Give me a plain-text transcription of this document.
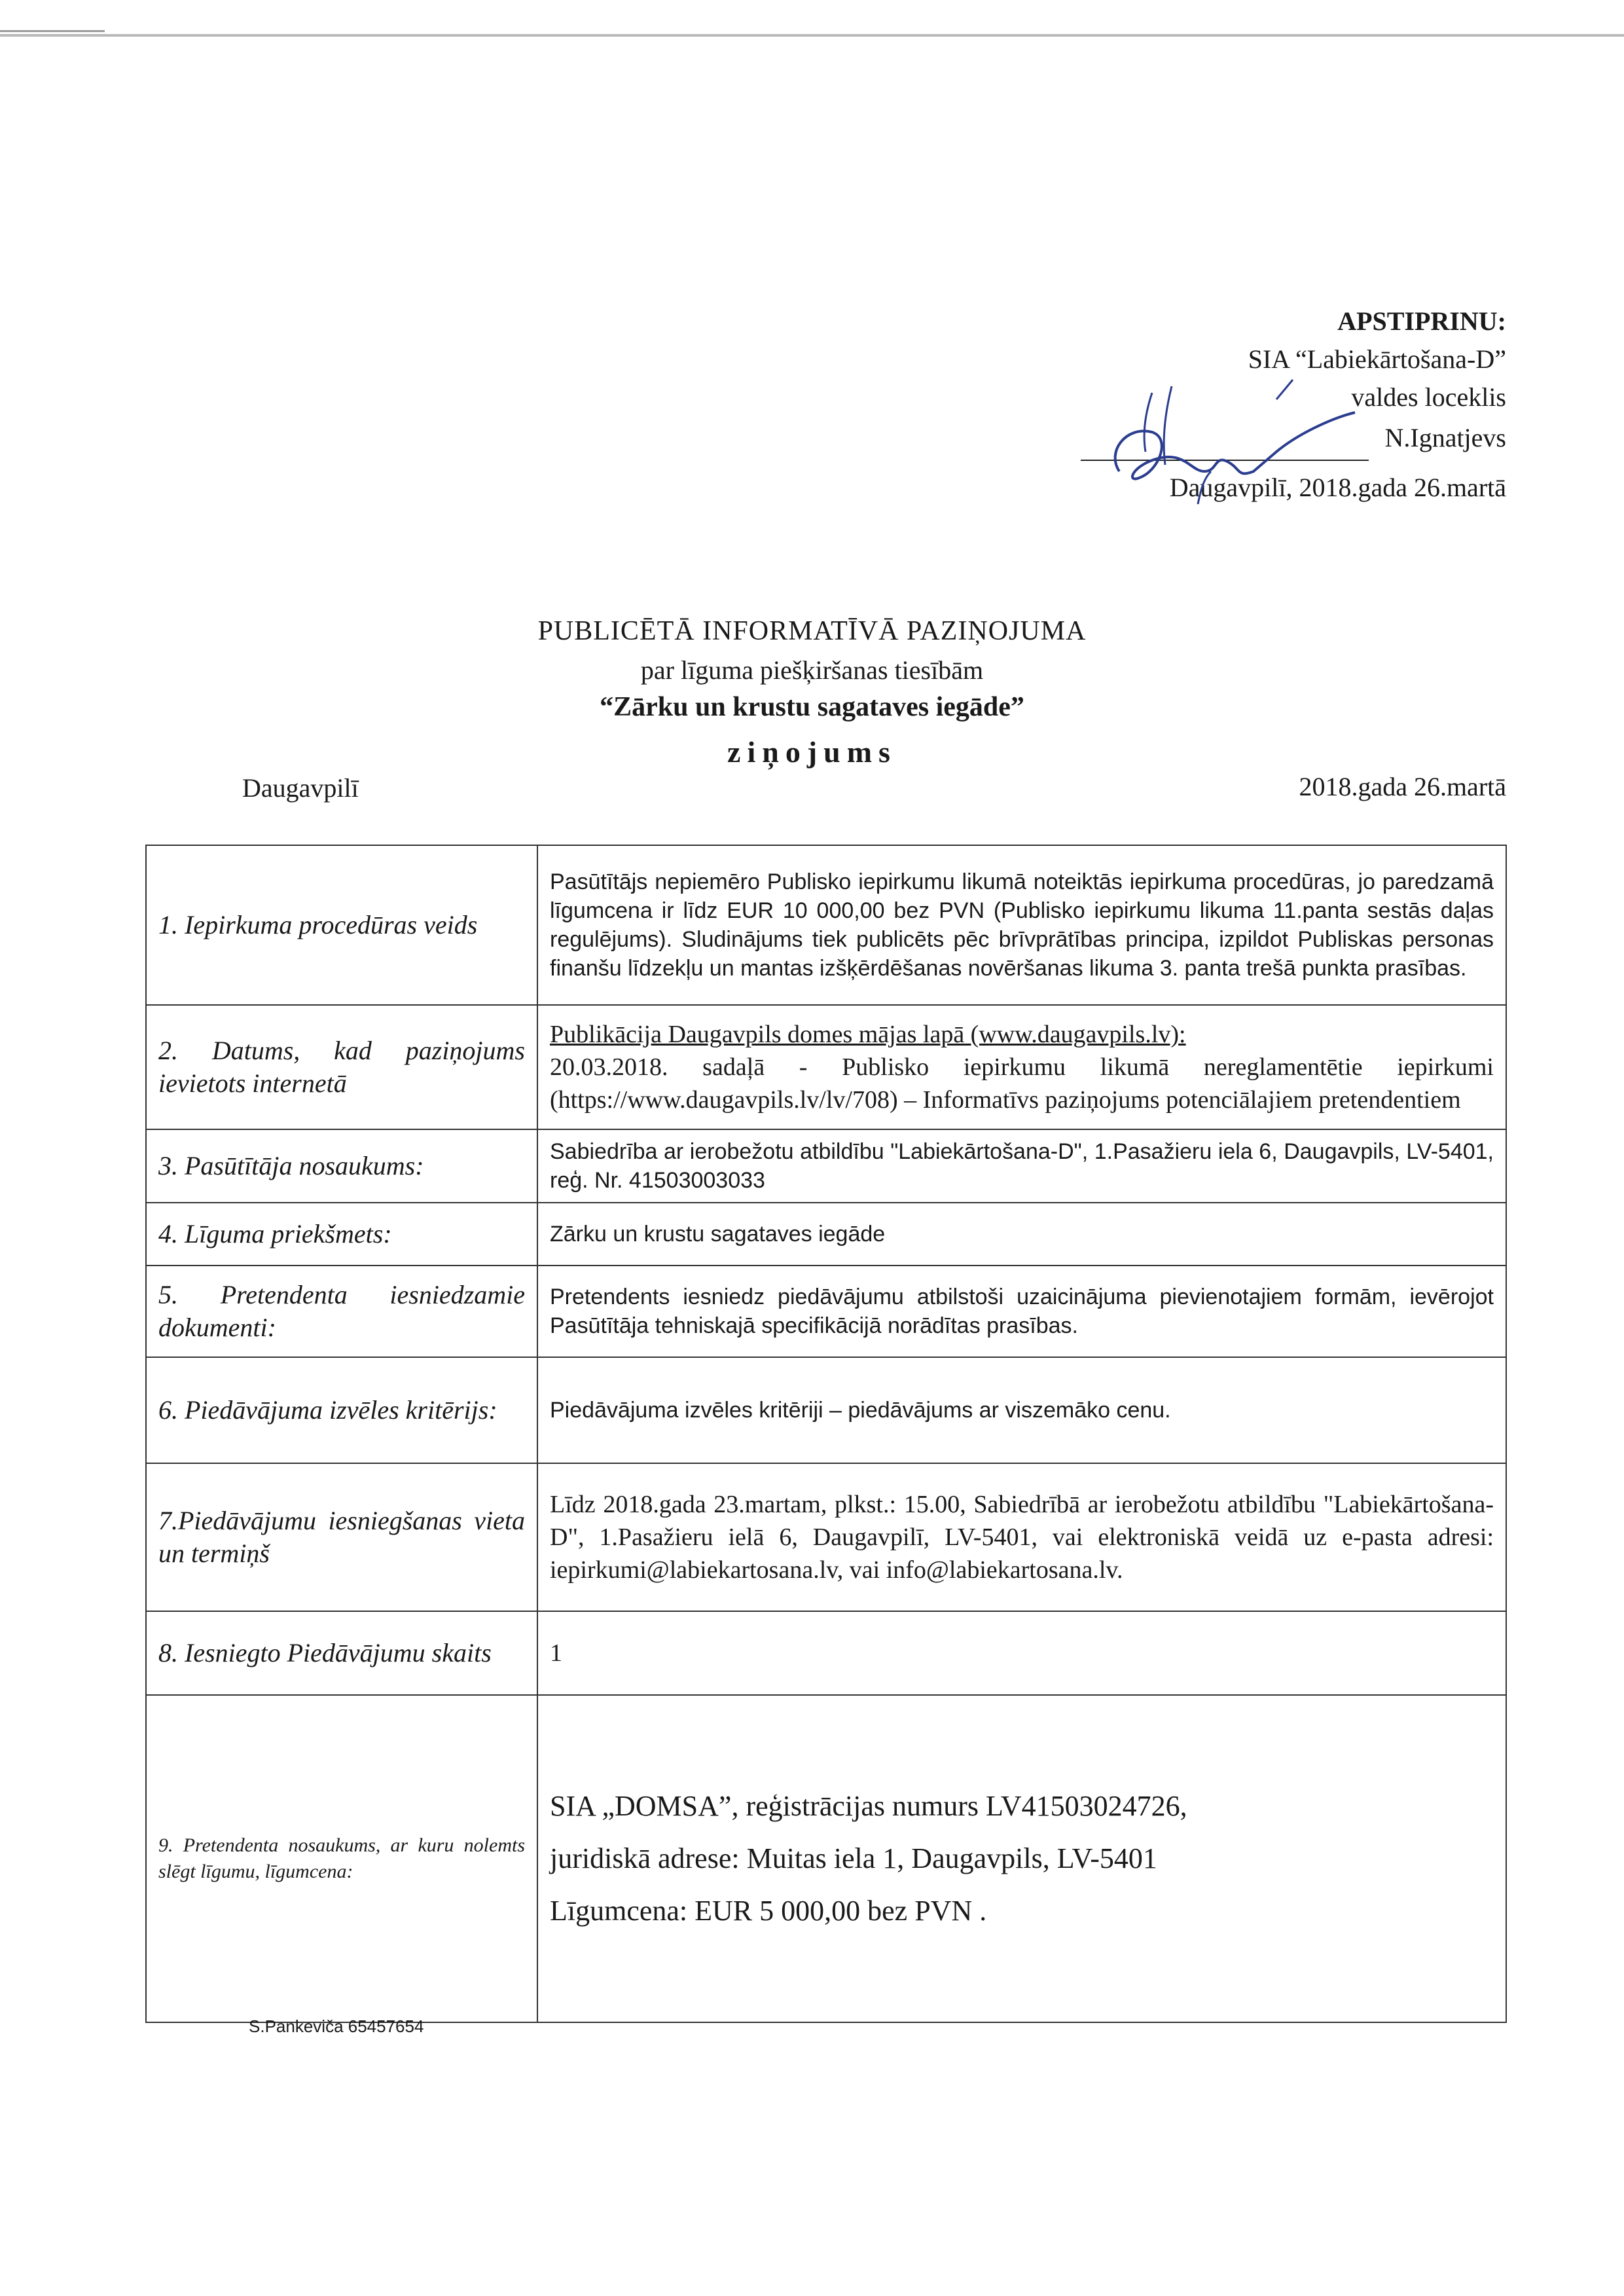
APSTIPRINU:
SIA “Labiekārtošana-D”
valdes loceklis
N.Ignatjevs
Daugavpilī, 2018.gada 26.martā
PUBLICĒTĀ INFORMATĪVĀ PAZIŅOJUMA
par līguma piešķiršanas tiesībām
“Zārku un krustu sagataves iegāde”
ziņojums
Daugavpilī	2018.gada 26.martā
1. Iepirkuma procedūras veids	Pasūtītājs nepiemēro Publisko iepirkumu likumā noteiktās iepirkuma procedūras, jo paredzamā līgumcena ir līdz EUR 10 000,00 bez PVN (Publisko iepirkumu likuma 11.panta sestās daļas regulējums). Sludinājums tiek publicēts pēc brīvprātības principa, izpildot Publiskas personas finanšu līdzekļu un mantas izšķērdēšanas novēršanas likuma 3. panta trešā punkta prasības.
2. Datums, kad paziņojums ievietots internetā	Publikācija Daugavpils domes mājas lapā (www.daugavpils.lv):
20.03.2018. sadaļā - Publisko iepirkumu likumā nereglamentētie iepirkumi (https://www.daugavpils.lv/lv/708) – Informatīvs paziņojums potenciālajiem pretendentiem

3. Pasūtītāja nosaukums:	Sabiedrība ar ierobežotu atbildību "Labiekārtošana-D", 1.Pasažieru iela 6, Daugavpils, LV-5401, reģ. Nr. 41503003033
4. Līguma priekšmets:	Zārku un krustu sagataves iegāde
5. Pretendenta iesniedzamie dokumenti:	Pretendents iesniedz piedāvājumu atbilstoši uzaicinājuma pievienotajiem formām, ievērojot Pasūtītāja tehniskajā specifikācijā norādītas prasības.
6. Piedāvājuma izvēles kritērijs:	Piedāvājuma izvēles kritēriji – piedāvājums ar viszemāko cenu.
7.Piedāvājumu iesniegšanas vieta un termiņš	Līdz 2018.gada 23.martam, plkst.: 15.00, Sabiedrībā ar ierobežotu atbildību "Labiekārtošana-D", 1.Pasažieru ielā 6, Daugavpilī, LV-5401, vai elektroniskā veidā uz e-pasta adresi: iepirkumi@labiekartosana.lv, vai info@labiekartosana.lv.
8. Iesniegto Piedāvājumu skaits	1
9. Pretendenta nosaukums, ar kuru nolemts slēgt līgumu, līgumcena:	SIA „DOMSA”, reģistrācijas numurs LV41503024726,
juridiskā adrese: Muitas iela 1, Daugavpils, LV-5401
Līgumcena: EUR 5 000,00 bez PVN .
S.Pankeviča 65457654
